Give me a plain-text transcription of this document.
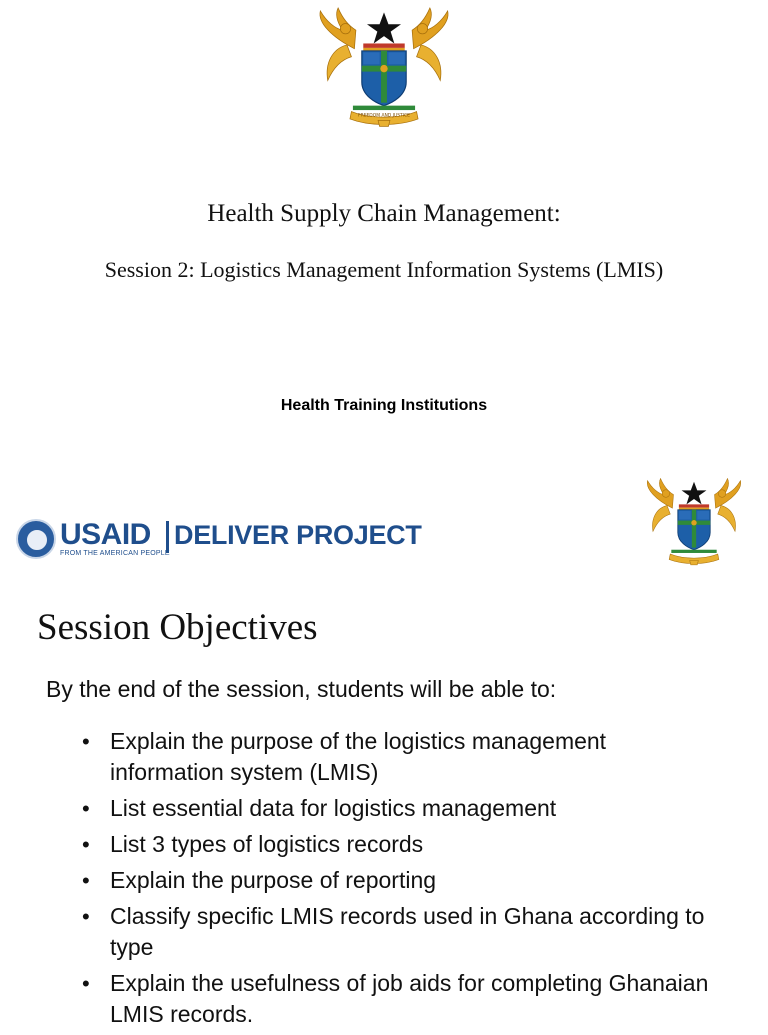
FREEDOM AND JUSTICE
Health Supply Chain Management:
Session 2: Logistics Management Information Systems (LMIS)
Health Training Institutions
USAID DELIVER PROJECT
FROM THE AMERICAN PEOPLE
Session Objectives
By the end of the session, students will be able to:
• Explain the purpose of the logistics management information system (LMIS)
• List essential data for logistics management
• List 3 types of logistics records
• Explain the purpose of reporting
• Classify specific LMIS records used in Ghana according to type
• Explain the usefulness of job aids for completing Ghanaian LMIS records.
